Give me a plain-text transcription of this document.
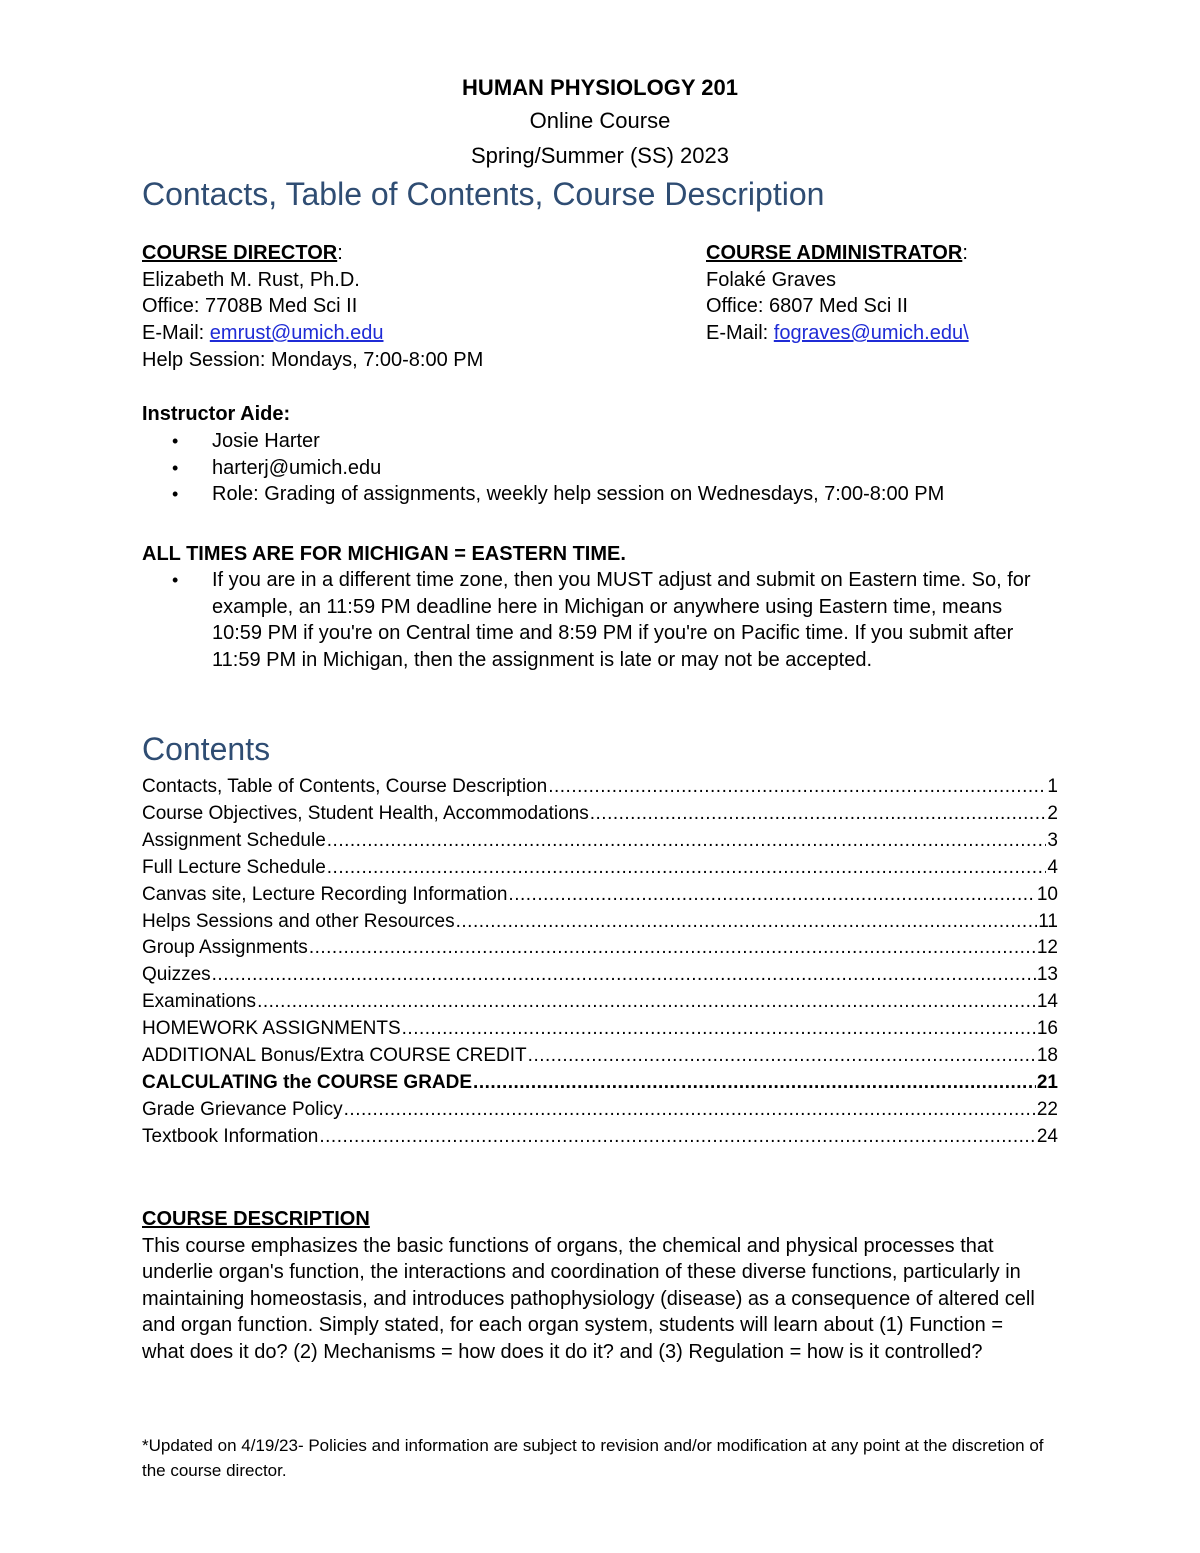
HUMAN PHYSIOLOGY 201
Online Course
Spring/Summer (SS) 2023
Contacts, Table of Contents, Course Description
COURSE DIRECTOR:
Elizabeth M. Rust, Ph.D.
Office: 7708B Med Sci II
E-Mail: emrust@umich.edu
Help Session: Mondays, 7:00-8:00 PM
COURSE ADMINISTRATOR:
Folaké Graves
Office: 6807 Med Sci II
E-Mail: fograves@umich.edu\
Instructor Aide:
• Josie Harter
• harterj@umich.edu
• Role: Grading of assignments, weekly help session on Wednesdays, 7:00-8:00 PM
ALL TIMES ARE FOR MICHIGAN = EASTERN TIME.
• If you are in a different time zone, then you MUST adjust and submit on Eastern time. So, for example, an 11:59 PM deadline here in Michigan or anywhere using Eastern time, means 10:59 PM if you're on Central time and 8:59 PM if you're on Pacific time. If you submit after 11:59 PM in Michigan, then the assignment is late or may not be accepted.
Contents
Contacts, Table of Contents, Course Description .....	1
Course Objectives, Student Health, Accommodations .....	2
Assignment Schedule .....	3
Full Lecture Schedule .....	4
Canvas site, Lecture Recording Information .....	10
Helps Sessions and other Resources .....	11
Group Assignments .....	12
Quizzes .....	13
Examinations .....	14
HOMEWORK ASSIGNMENTS .....	16
ADDITIONAL Bonus/Extra COURSE CREDIT .....	18
CALCULATING the COURSE GRADE .....	21
Grade Grievance Policy .....	22
Textbook Information .....	24
COURSE DESCRIPTION
This course emphasizes the basic functions of organs, the chemical and physical processes that underlie organ's function, the interactions and coordination of these diverse functions, particularly in maintaining homeostasis, and introduces pathophysiology (disease) as a consequence of altered cell and organ function. Simply stated, for each organ system, students will learn about (1) Function = what does it do? (2) Mechanisms = how does it do it? and (3) Regulation = how is it controlled?
*Updated on 4/19/23- Policies and information are subject to revision and/or modification at any point at the discretion of the course director.
